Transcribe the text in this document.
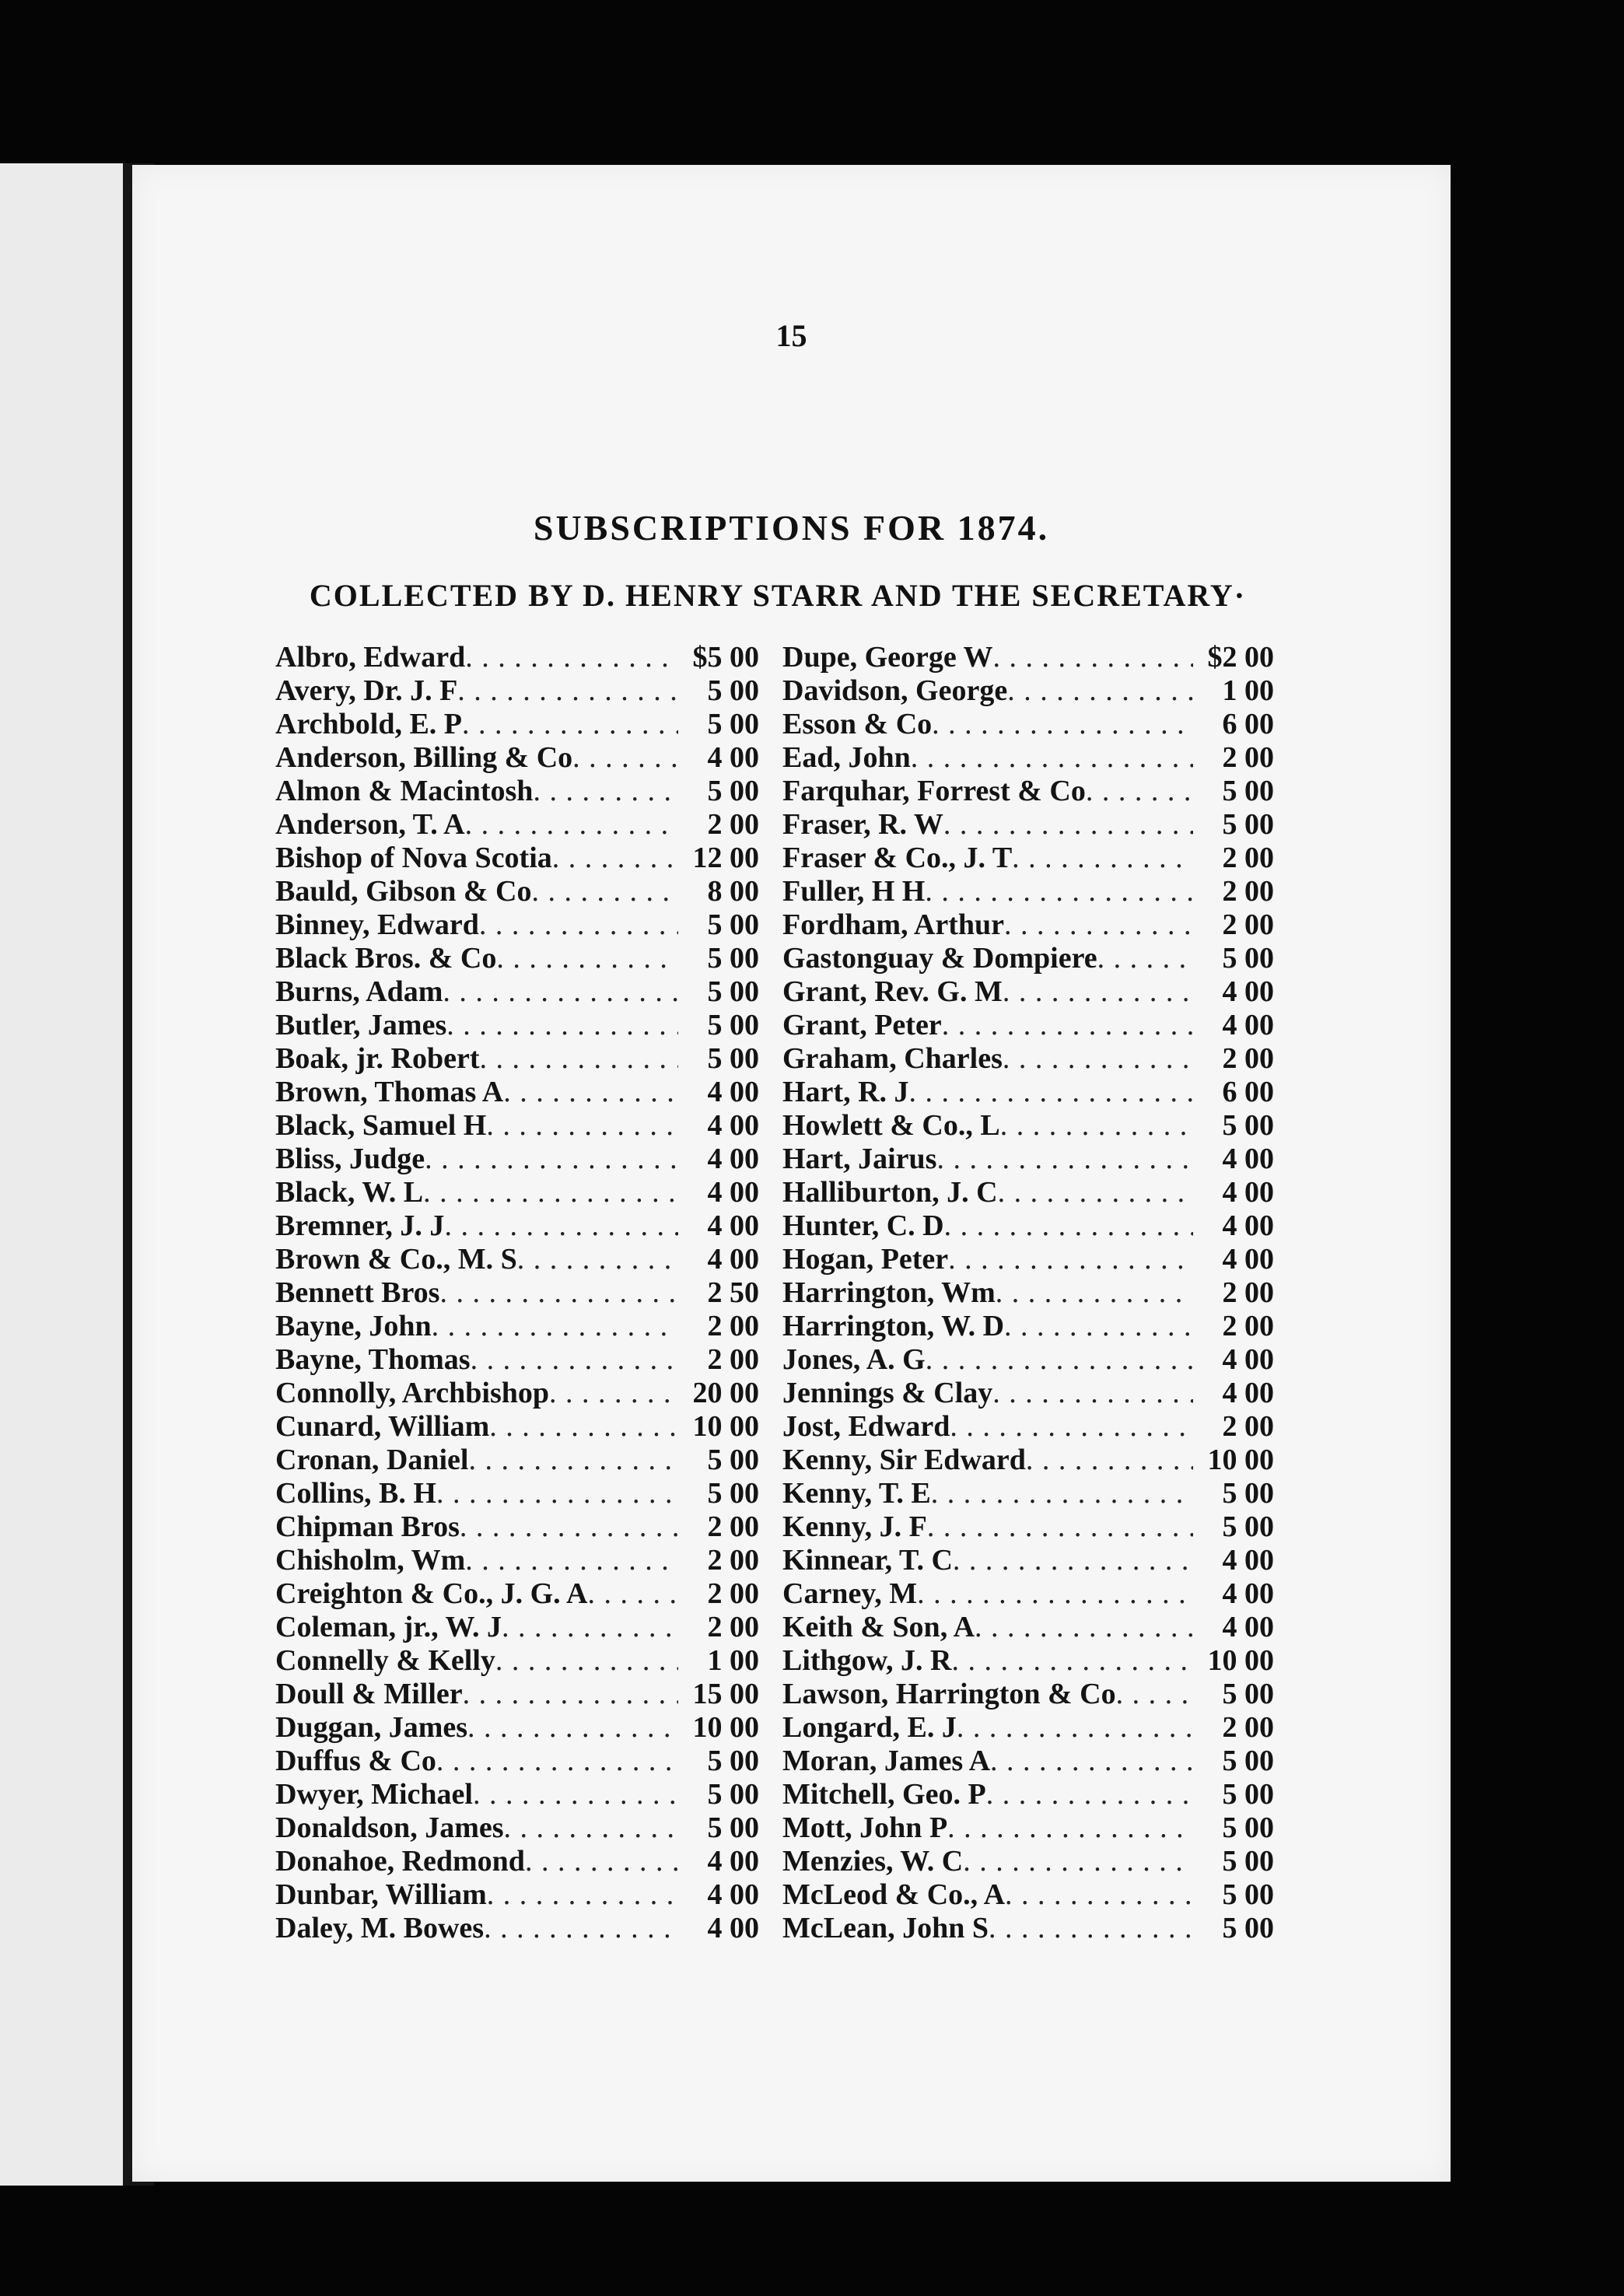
15
SUBSCRIPTIONS FOR 1874.
COLLECTED BY D. HENRY STARR AND THE SECRETARY·
Albro, Edward . . .	$5 00
Avery, Dr. J. F . . .	5 00
Archbold, E. P . . .	5 00
Anderson, Billing & Co . . .	4 00
Almon & Macintosh . . .	5 00
Anderson, T. A . . .	2 00
Bishop of Nova Scotia . . .	12 00
Bauld, Gibson & Co . . .	8 00
Binney, Edward . . .	5 00
Black Bros. & Co . . .	5 00
Burns, Adam . . .	5 00
Butler, James . . .	5 00
Boak, jr. Robert . . .	5 00
Brown, Thomas A . . .	4 00
Black, Samuel H . . .	4 00
Bliss, Judge . . .	4 00
Black, W. L . . .	4 00
Bremner, J. J . . .	4 00
Brown & Co., M. S . . .	4 00
Bennett Bros . . .	2 50
Bayne, John . . .	2 00
Bayne, Thomas . . .	2 00
Connolly, Archbishop . . .	20 00
Cunard, William . . .	10 00
Cronan, Daniel . . .	5 00
Collins, B. H . . .	5 00
Chipman Bros . . .	2 00
Chisholm, Wm . . .	2 00
Creighton & Co., J. G. A . . .	2 00
Coleman, jr., W. J . . .	2 00
Connelly & Kelly . . .	1 00
Doull & Miller . . .	15 00
Duggan, James . . .	10 00
Duffus & Co . . .	5 00
Dwyer, Michael . . .	5 00
Donaldson, James . . .	5 00
Donahoe, Redmond . . .	4 00
Dunbar, William . . .	4 00
Daley, M. Bowes . . .	4 00
Dupe, George W . . .	$2 00
Davidson, George . . .	1 00
Esson & Co . . .	6 00
Ead, John . . .	2 00
Farquhar, Forrest & Co . . .	5 00
Fraser, R. W . . .	5 00
Fraser & Co., J. T . . .	2 00
Fuller, H H . . .	2 00
Fordham, Arthur . . .	2 00
Gastonguay & Dompiere . . .	5 00
Grant, Rev. G. M . . .	4 00
Grant, Peter . . .	4 00
Graham, Charles . . .	2 00
Hart, R. J . . .	6 00
Howlett & Co., L . . .	5 00
Hart, Jairus . . .	4 00
Halliburton, J. C . . .	4 00
Hunter, C. D . . .	4 00
Hogan, Peter . . .	4 00
Harrington, Wm . . .	2 00
Harrington, W. D . . .	2 00
Jones, A. G . . .	4 00
Jennings & Clay . . .	4 00
Jost, Edward . . .	2 00
Kenny, Sir Edward . . .	10 00
Kenny, T. E . . .	5 00
Kenny, J. F . . .	5 00
Kinnear, T. C . . .	4 00
Carney, M . . .	4 00
Keith & Son, A . . .	4 00
Lithgow, J. R . . .	10 00
Lawson, Harrington & Co . . .	5 00
Longard, E. J . . .	2 00
Moran, James A . . .	5 00
Mitchell, Geo. P . . .	5 00
Mott, John P . . .	5 00
Menzies, W. C . . .	5 00
McLeod & Co., A . . .	5 00
McLean, John S . . .	5 00
